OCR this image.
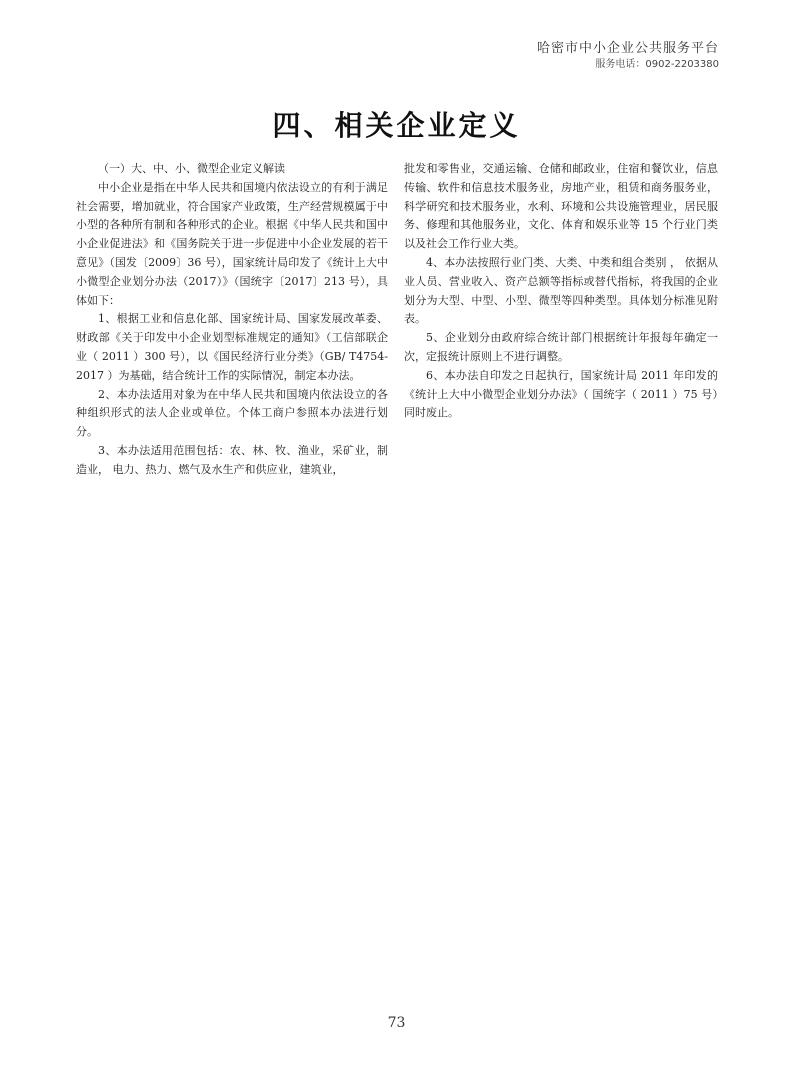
哈密市中小企业公共服务平台
服务电话：0902-2203380
四、相关企业定义

（一）大、中、小、微型企业定义解读

中小企业是指在中华人民共和国境内依法设立的有利于满足社会需要，增加就业，符合国家产业政策，生产经营规模属于中小型的各种所有制和各种形式的企业。根据《中华人民共和国中小企业促进法》和《国务院关于进一步促进中小企业发展的若干意见》（国发〔2009〕36 号），国家统计局印发了《统计上大中小微型企业划分办法（2017）》（国统字〔2017〕213 号），具体如下：

1、根据工业和信息化部、国家统计局、国家发展改革委、财政部《关于印发中小企业划型标准规定的通知》（工信部联企业（ 2011 ）300 号），以《国民经济行业分类》（GB/ T4754-2017 ）为基础，结合统计工作的实际情况，制定本办法。

2、本办法适用对象为在中华人民共和国境内依法设立的各种组织形式的法人企业或单位。个体工商户参照本办法进行划分。

3、本办法适用范围包括：农、林、牧、渔业，采矿业，制造业， 电力、热力、燃气及水生产和供应业，建筑业，

批发和零售业，交通运输、仓储和邮政业，住宿和餐饮业，信息传输、软件和信息技术服务业，房地产业，租赁和商务服务业，科学研究和技术服务业，水利、环境和公共设施管理业，居民服务、修理和其他服务业，文化、体育和娱乐业等 15 个行业门类以及社会工作行业大类。

4、本办法按照行业门类、大类、中类和组合类别 ， 依据从业人员、营业收入、资产总额等指标或替代指标，将我国的企业划分为大型、中型、小型、微型等四种类型。具体划分标准见附表。

5、企业划分由政府综合统计部门根据统计年报每年确定一次，定报统计原则上不进行调整。

6、本办法自印发之日起执行，国家统计局 2011 年印发的《统计上大中小微型企业划分办法》（ 国统字（ 2011 ）75 号）同时废止。

73
